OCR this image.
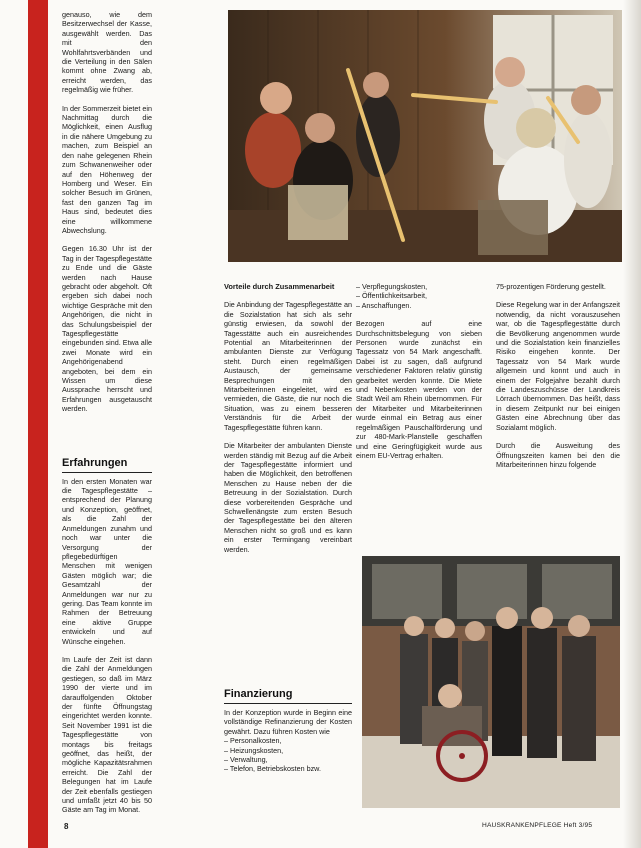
genauso, wie dem Besitzerwechsel der Kasse, ausgewählt werden. Das mit den Wohlfahrtsverbänden und die Verteilung in den Sälen kommt ohne Zwang ab, erreicht werden, das regelmäßig wie früher.

In der Sommerzeit bietet ein Nachmittag durch die Möglichkeit, einen Ausflug in die nähere Umgebung zu machen, zum Beispiel an den nahe gelegenen Rhein zum Schwanenweiher oder auf den Höhenweg der Homberg und Weser. Ein solcher Besuch im Grünen, fast den ganzen Tag im Haus sind, bedeutet dies eine willkommene Abwechslung.

Gegen 16.30 Uhr ist der Tag in der Tagespflegestätte zu Ende und die Gäste werden nach Hause gebracht oder abgeholt. Oft ergeben sich dabei noch wichtige Gespräche mit den Angehörigen, die nicht in das Schulungsbeispiel der Tagespflegestätte eingebunden sind. Etwa alle zwei Monate wird ein Angehörigenabend angeboten, bei dem ein Wissen um diese Aussprache herrscht und Erfahrungen ausgetauscht werden.

Erfahrungen

In den ersten Monaten war die Tagespflegestätte – entsprechend der Planung und Konzeption, geöffnet, als die Zahl der Anmeldungen zunahm und noch war unter die Versorgung der pflegebedürftigen Menschen mit wenigen Gästen möglich war; die Gesamtzahl der Anmeldungen war nur zu gering. Das Team konnte im Rahmen der Betreuung eine aktive Gruppe entwickeln und auf Wünsche eingehen.

Im Laufe der Zeit ist dann die Zahl der Anmeldungen gestiegen, so daß im März 1990 der vierte und im darauffolgenden Oktober der fünfte Öffnungstag eingerichtet werden konnte. Seit November 1991 ist die Tagespflegestätte von montags bis freitags geöffnet, das heißt, der mögliche Kapazitätsrahmen erreicht. Die Zahl der Belegungen hat im Laufe der Zeit ebenfalls gestiegen und umfaßt jetzt 40 bis 50 Gäste am Tag im Monat.

Vorteile durch Zusammenarbeit

Die Anbindung der Tagespflegestätte an die Sozialstation hat sich als sehr günstig erwiesen, da sowohl der Tagesstätte auch ein ausreichendes Potential an Mitarbeiterinnen der ambulanten Dienste zur Verfügung steht. Durch einen regelmäßigen Austausch, der gemeinsame Besprechungen mit den Mitarbeiterinnen eingeleitet, wird es vermieden, die Gäste, die nur noch die Situation, was zu einem besseren Verständnis für die Arbeit der Tagespflegestätte führen kann.

Die Mitarbeiter der ambulanten Dienste werden ständig mit Bezug auf die Arbeit der Tagespflegestätte informiert und haben die Möglichkeit, den betroffenen Menschen zu Hause neben der die Betreuung in der Sozialstation. Durch diese vorbereitenden Gespräche und Schwellenängste zum ersten Besuch der Tagespflegestätte bei den älteren Menschen nicht so groß und es kann ein erster Termingang vereinbart werden.

Finanzierung

In der Konzeption wurde in Beginn eine vollständige Refinanzierung der Kosten gewährt. Dazu führen Kosten wie

– Personalkosten,
– Heizungskosten,
– Verwaltung,
– Telefon, Betriebskosten bzw.
– Verpflegungskosten,
– Öffentlichkeitsarbeit,
– Anschaffungen.

Bezogen auf eine Durchschnittsbelegung von sieben Personen wurde zunächst ein Tagessatz von 54 Mark angeschafft. Dabei ist zu sagen, daß aufgrund verschiedener Faktoren relativ günstig gearbeitet werden konnte. Die Miete und Nebenkosten werden von der Stadt Weil am Rhein übernommen. Für der Mitarbeiter und Mitarbeiterinnen wurde einmal ein Betrag aus einer regelmäßigen Pauschalförderung und zur 480-Mark-Planstelle geschaffen und eine Geringfügigkeit wurde aus einem EU-Vertrag erhalten.

75-prozentigen Förderung gestellt.

Diese Regelung war in der Anfangszeit notwendig, da nicht vorauszusehen war, ob die Tagespflegestätte durch die Bevölkerung angenommen wurde und die Sozialstation kein finanzielles Risiko eingehen konnte. Der Tagessatz von 54 Mark wurde allgemein und konnt und auch in einem der Folgejahre bezahlt durch die Landeszuschüsse der Landkreis Lörrach übernommen. Das heißt, dass in diesem Zeitpunkt nur bei einigen Gästen eine Abrechnung über das Sozialamt möglich.

Durch die Ausweitung des Öffnungszeiten kamen bei den die Mitarbeiterinnen hinzu folgende

8	HAUSKRANKENPFLEGE Heft 3/95
